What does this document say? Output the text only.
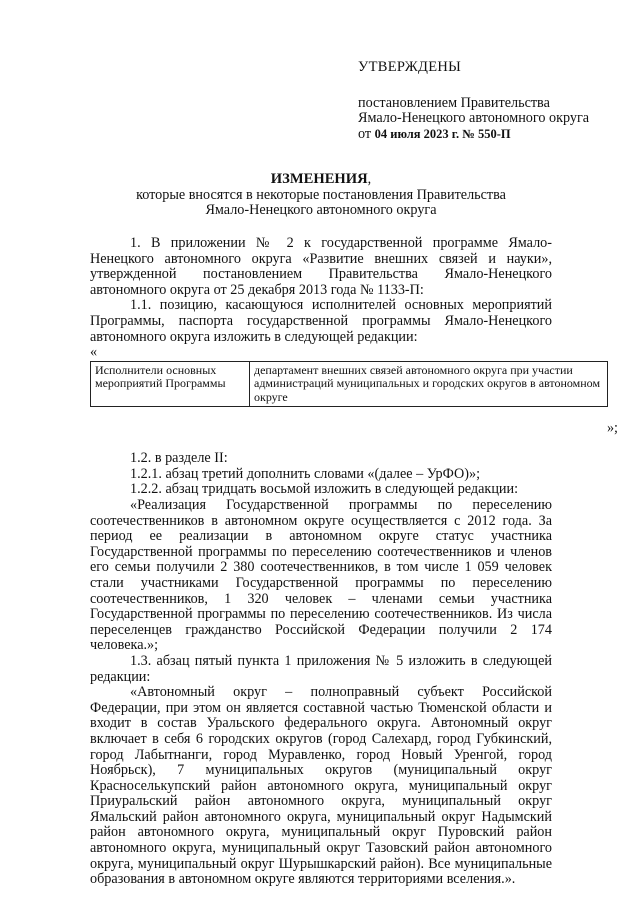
УТВЕРЖДЕНЫ
постановлением Правительства
Ямало-Ненецкого автономного округа
от 04 июля 2023 г. № 550-П
ИЗМЕНЕНИЯ,
которые вносятся в некоторые постановления Правительства
Ямало-Ненецкого автономного округа

1. В приложении № 2 к государственной программе Ямало-Ненецкого автономного округа «Развитие внешних связей и науки», утвержденной постановлением Правительства Ямало-Ненецкого автономного округа от 25 декабря 2013 года № 1133-П:

1.1. позицию, касающуюся исполнителей основных мероприятий Программы, паспорта государственной программы Ямало-Ненецкого автономного округа изложить в следующей редакции:

«

Исполнители основных мероприятий Программы	департамент внешних связей автономного округа при участии администраций муниципальных и городских округов в автономном округе

»;

1.2. в разделе II:

1.2.1. абзац третий дополнить словами «(далее – УрФО)»;

1.2.2. абзац тридцать восьмой изложить в следующей редакции:

«Реализация Государственной программы по переселению соотечественников в автономном округе осуществляется с 2012 года. За период ее реализации в автономном округе статус участника Государственной программы по переселению соотечественников и членов его семьи получили 2 380 соотечественников, в том числе 1 059 человек стали участниками Государственной программы по переселению соотечественников, 1 320 человек – членами семьи участника Государственной программы по переселению соотечественников. Из числа переселенцев гражданство Российской Федерации получили 2 174 человека.»;

1.3. абзац пятый пункта 1 приложения № 5 изложить в следующей редакции:

«Автономный округ – полноправный субъект Российской Федерации, при этом он является составной частью Тюменской области и входит в состав Уральского федерального округа. Автономный округ включает в себя 6 городских округов (город Салехард, город Губкинский, город Лабытнанги, город Муравленко, город Новый Уренгой, город Ноябрьск), 7 муниципальных округов (муниципальный округ Красноселькупский район автономного округа, муниципальный округ Приуральский район автономного округа, муниципальный округ Ямальский район автономного округа, муниципальный округ Надымский район автономного округа, муниципальный округ Пуровский район автономного округа, муниципальный округ Тазовский район автономного округа, муниципальный округ Шурышкарский район). Все муниципальные образования в автономном округе являются территориями вселения.».
